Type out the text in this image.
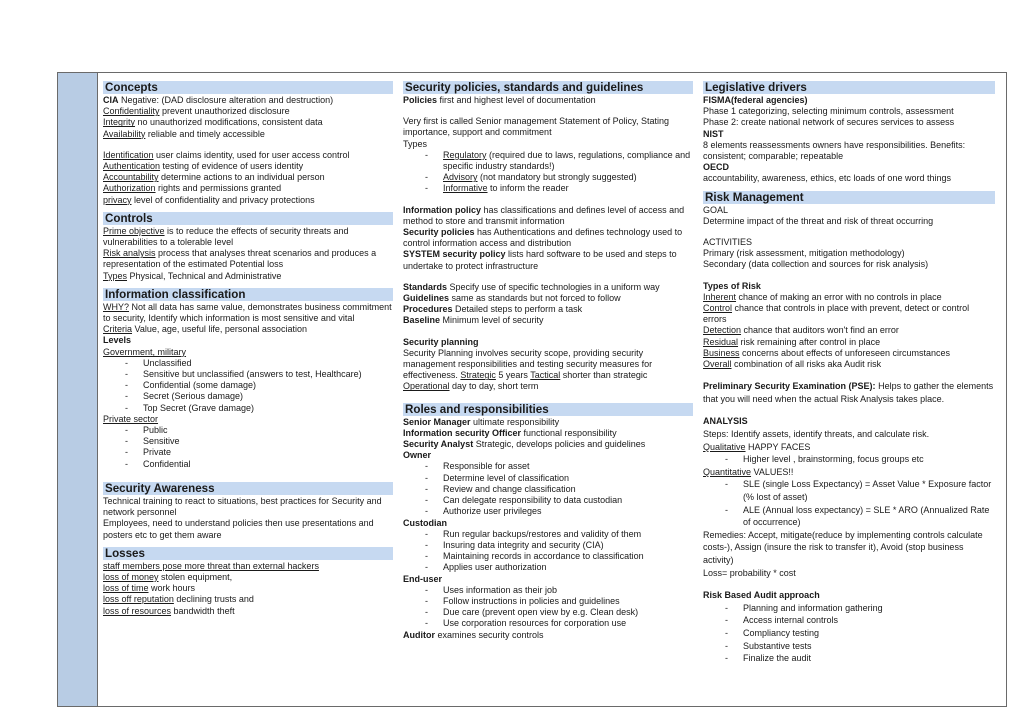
Concepts
CIA Negative: (DAD disclosure alteration and destruction)
Confidentiality prevent unauthorized disclosure
Integrity no unauthorized modifications, consistent data
Availability reliable and timely accessible
Identification user claims identity, used for user access control
Authentication testing of evidence of users identity
Accountability determine actions to an individual person
Authorization rights and permissions granted
privacy level of confidentiality and privacy protections
Controls
Prime objective is to reduce the effects of security threats and vulnerabilities to a tolerable level
Risk analysis process that analyses threat scenarios and produces a representation of the estimated Potential loss
Types Physical, Technical and Administrative
Information classification
WHY? Not all data has same value, demonstrates business commitment to security, Identify which information is most sensitive and vital
Criteria Value, age, useful life, personal association
Levels
Government, military
- Unclassified
- Sensitive but unclassified (answers to test, Healthcare)
- Confidential (some damage)
- Secret (Serious damage)
- Top Secret (Grave damage)
Private sector
- Public
- Sensitive
- Private
- Confidential
Security Awareness
Technical training to react to situations, best practices for Security and network personnel
Employees, need to understand policies then use presentations and posters etc to get them aware
Losses
staff members pose more threat than external hackers
loss of money stolen equipment,
loss of time work hours
loss off reputation declining trusts and
loss of resources bandwidth theft
Security policies, standards and guidelines
Policies first and highest level of documentation
Very first is called Senior management Statement of Policy, Stating importance, support and commitment
Types
- Regulatory (required due to laws, regulations, compliance and specific industry standards!)
- Advisory (not mandatory but strongly suggested)
- Informative to inform the reader
Information policy has classifications and defines level of access and method to store and transmit information
Security policies has Authentications and defines technology used to control information access and distribution
SYSTEM security policy lists hard software to be used and steps to undertake to protect infrastructure
Standards Specify use of specific technologies in a uniform way
Guidelines same as standards but not forced to follow
Procedures Detailed steps to perform a task
Baseline Minimum level of security
Security planning
Security Planning involves security scope, providing security management responsibilities and testing security measures for effectiveness. Strategic 5 years Tactical shorter than strategic
Operational day to day, short term
Roles and responsibilities
Senior Manager ultimate responsibility
Information security Officer functional responsibility
Security Analyst Strategic, develops policies and guidelines
Owner
- Responsible for asset
- Determine level of classification
- Review and change classification
- Can delegate responsibility to data custodian
- Authorize user privileges
Custodian
- Run regular backups/restores and validity of them
- Insuring data integrity and security (CIA)
- Maintaining records in accordance to classification
- Applies user authorization
End-user
- Uses information as their job
- Follow instructions in policies and guidelines
- Due care (prevent open view by e.g. Clean desk)
- Use corporation resources for corporation use
Auditor examines security controls
Legislative drivers
FISMA(federal agencies)
Phase 1 categorizing, selecting minimum controls, assessment
Phase 2: create national network of secures services to assess
NIST
8 elements reassessments owners have responsibilities. Benefits: consistent; comparable; repeatable
OECD
accountability, awareness, ethics, etc loads of one word things
Risk Management
GOAL
Determine impact of the threat and risk of threat occurring
ACTIVITIES
Primary (risk assessment, mitigation methodology)
Secondary (data collection and sources for risk analysis)
Types of Risk
Inherent chance of making an error with no controls in place
Control chance that controls in place with prevent, detect or control errors
Detection chance that auditors won't find an error
Residual risk remaining after control in place
Business concerns about effects of unforeseen circumstances
Overall combination of all risks aka Audit risk
Preliminary Security Examination (PSE): Helps to gather the elements that you will need when the actual Risk Analysis takes place.
ANALYSIS
Steps: Identify assets, identify threats, and calculate risk.
Qualitative HAPPY FACES
- Higher level , brainstorming, focus groups etc
Quantitative VALUES!!
- SLE (single Loss Expectancy) = Asset Value * Exposure factor (% lost of asset)
- ALE (Annual loss expectancy) = SLE * ARO (Annualized Rate of occurrence)
Remedies: Accept, mitigate(reduce by implementing controls calculate costs-), Assign (insure the risk to transfer it), Avoid (stop business activity)
Loss= probability * cost
Risk Based Audit approach
- Planning and information gathering
- Access internal controls
- Compliancy testing
- Substantive tests
- Finalize the audit
